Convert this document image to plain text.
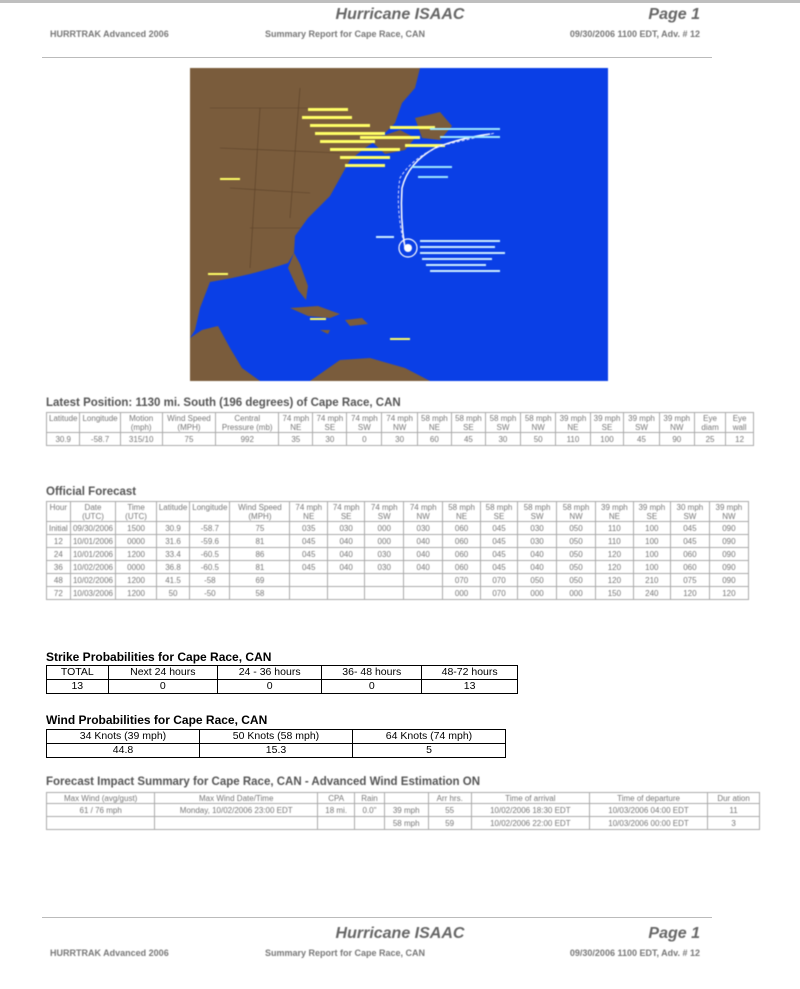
Hurricane ISAAC	Page 1
HURRTRAK Advanced 2006	Summary Report for Cape Race, CAN	09/30/2006 1100 EDT, Adv. # 12
Latest Position: 1130 mi. South (196 degrees) of Cape Race, CAN
Latitude	Longitude	Motion (mph)	Wind Speed (MPH)	Central Pressure (mb)	74 mph NE	74 mph SE	74 mph SW	74 mph NW	58 mph NE	58 mph SE	58 mph SW	58 mph NW	39 mph NE	39 mph SE	39 mph SW	39 mph NW	Eye diam	Eye wall
30.9	-58.7	315/10	75	992	35	30	0	30	60	45	30	50	110	100	45	90	25	12
Official Forecast
Hour	Date (UTC)	Time (UTC)	Latitude	Longitude	Wind Speed (MPH)	74 mph NE	74 mph SE	74 mph SW	74 mph NW	58 mph NE	58 mph SE	58 mph SW	58 mph NW	39 mph NE	39 mph SE	30 mph SW	39 mph NW
Initial	09/30/2006	1500	30.9	-58.7	75	035	030	000	030	060	045	030	050	110	100	045	090
12	10/01/2006	0000	31.6	-59.6	81	045	040	000	040	060	045	030	050	110	100	045	090
24	10/01/2006	1200	33.4	-60.5	86	045	040	030	040	060	045	040	050	120	100	060	090
36	10/02/2006	0000	36.8	-60.5	81	045	040	030	040	060	045	040	050	120	100	060	090
48	10/02/2006	1200	41.5	-58	69					070	070	050	050	120	210	075	090
72	10/03/2006	1200	50	-50	58					000	070	000	000	150	240	120	120
Strike Probabilities for Cape Race, CAN
TOTAL	Next 24 hours	24 - 36 hours	36- 48 hours	48-72 hours
13	0	0	0	13
Wind Probabilities for Cape Race, CAN
34 Knots (39 mph)	50 Knots (58 mph)	64 Knots (74 mph)
44.8	15.3	5
Forecast Impact Summary for Cape Race, CAN - Advanced Wind Estimation ON
Max Wind (avg/gust)	Max Wind Date/Time	CPA	Rain		Arr hrs.	Time of arrival	Time of departure	Dur ation
61 / 76 mph	Monday, 10/02/2006 23:00 EDT	18 mi.	0.0"	39 mph	55	10/02/2006 18:30 EDT	10/03/2006 04:00 EDT	11
				58 mph	59	10/02/2006 22:00 EDT	10/03/2006 00:00 EDT	3
Hurricane ISAAC	Page 1
HURRTRAK Advanced 2006	Summary Report for Cape Race, CAN	09/30/2006 1100 EDT, Adv. # 12
